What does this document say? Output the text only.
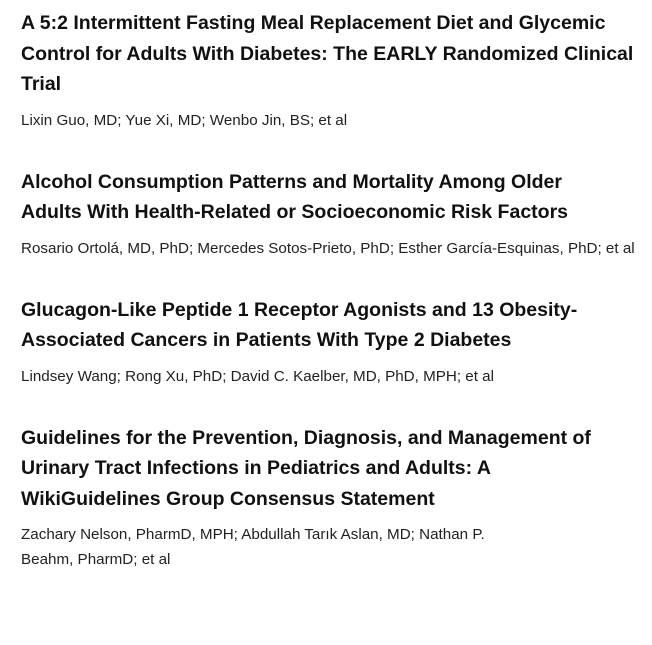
A 5:2 Intermittent Fasting Meal Replacement Diet and Glycemic Control for Adults With Diabetes: The EARLY Randomized Clinical Trial
Lixin Guo, MD; Yue Xi, MD; Wenbo Jin, BS; et al
Alcohol Consumption Patterns and Mortality Among Older Adults With Health-Related or Socioeconomic Risk Factors
Rosario Ortolá, MD, PhD; Mercedes Sotos-Prieto, PhD; Esther García-Esquinas, PhD; et al
Glucagon-Like Peptide 1 Receptor Agonists and 13 Obesity-Associated Cancers in Patients With Type 2 Diabetes
Lindsey Wang; Rong Xu, PhD; David C. Kaelber, MD, PhD, MPH; et al
Guidelines for the Prevention, Diagnosis, and Management of Urinary Tract Infections in Pediatrics and Adults: A WikiGuidelines Group Consensus Statement
Zachary Nelson, PharmD, MPH; Abdullah Tarık Aslan, MD; Nathan P. Beahm, PharmD; et al
